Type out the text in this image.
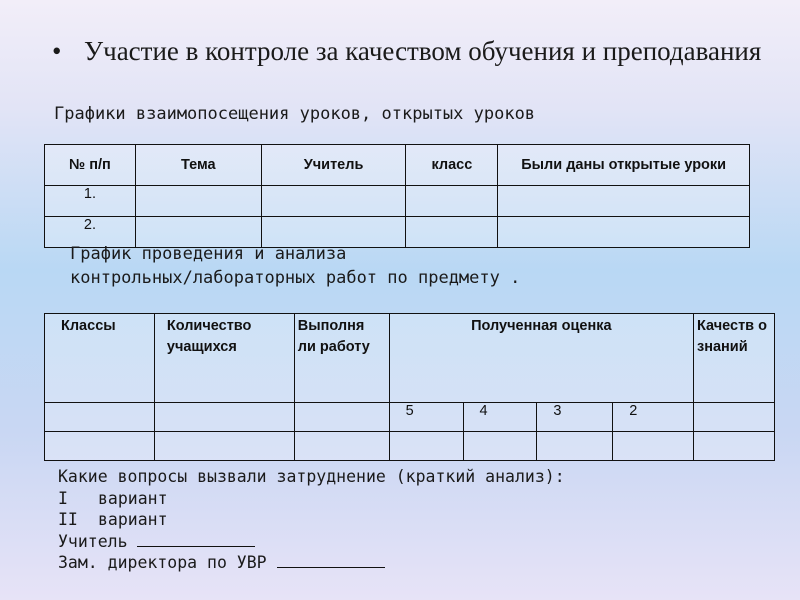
• Участие в контроле за качеством обучения и преподавания
Графики взаимопосещения уроков, открытых уроков
№ п/п	Тема	Учитель	класс	Были даны открытые уроки
1.				
2.				
График проведения и анализа
контрольных/лабораторных работ по предмету .
Классы	Количество учащихся	Выполня ли работу	Полученная оценка				Качеств о знаний
			5	4	3	2	

Какие вопросы вызвали затруднение (краткий анализ):
I вариант
II вариант
Учитель
Зам. директора по УВР
